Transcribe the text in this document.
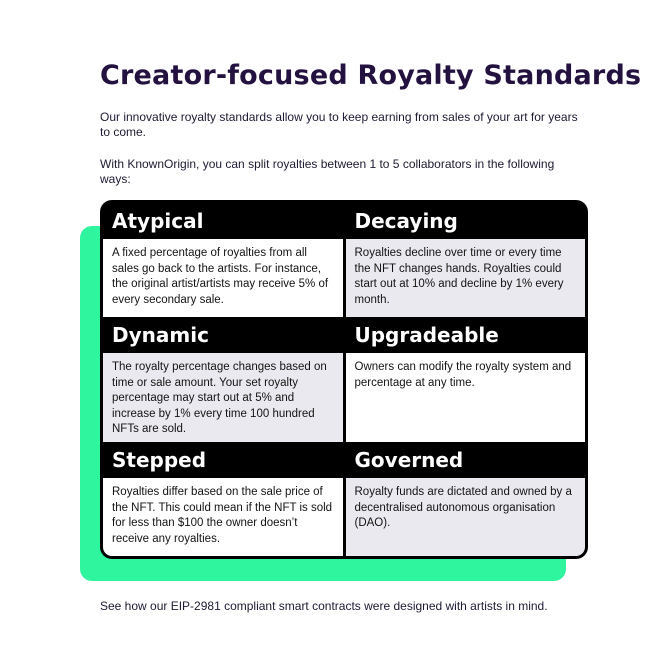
Creator-focused Royalty Standards

Our innovative royalty standards allow you to keep earning from sales of your art for years to come.

With KnownOrigin, you can split royalties between 1 to 5 collaborators in the following ways:

Atypical	Decaying
A fixed percentage of royalties from all sales go back to the artists. For instance, the original artist/artists may receive 5% of every secondary sale.
Royalties decline over time or every time the NFT changes hands. Royalties could start out at 10% and decline by 1% every month.
Dynamic	Upgradeable
The royalty percentage changes based on time or sale amount. Your set royalty percentage may start out at 5% and increase by 1% every time 100 hundred NFTs are sold.
Owners can modify the royalty system and percentage at any time.
Stepped	Governed
Royalties differ based on the sale price of the NFT. This could mean if the NFT is sold for less than $100 the owner doesn’t receive any royalties.
Royalty funds are dictated and owned by a decentralised autonomous organisation (DAO).

See how our EIP-2981 compliant smart contracts were designed with artists in mind.
